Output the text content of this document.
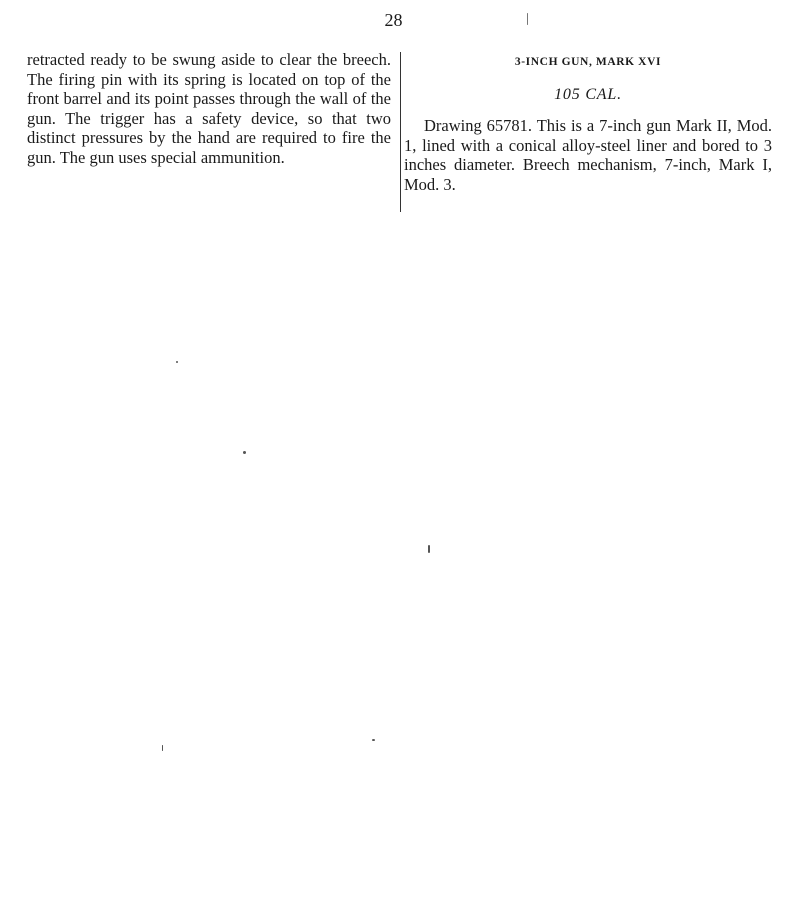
28
retracted ready to be swung aside to clear the breech. The firing pin with its spring is located on top of the front barrel and its point passes through the wall of the gun. The trigger has a safety device, so that two distinct pressures by the hand are required to fire the gun. The gun uses special ammunition.
3-INCH GUN, MARK XVI
105 CAL.

Drawing 65781. This is a 7-inch gun Mark II, Mod. 1, lined with a conical alloy-steel liner and bored to 3 inches diameter. Breech mechanism, 7-inch, Mark I, Mod. 3.
